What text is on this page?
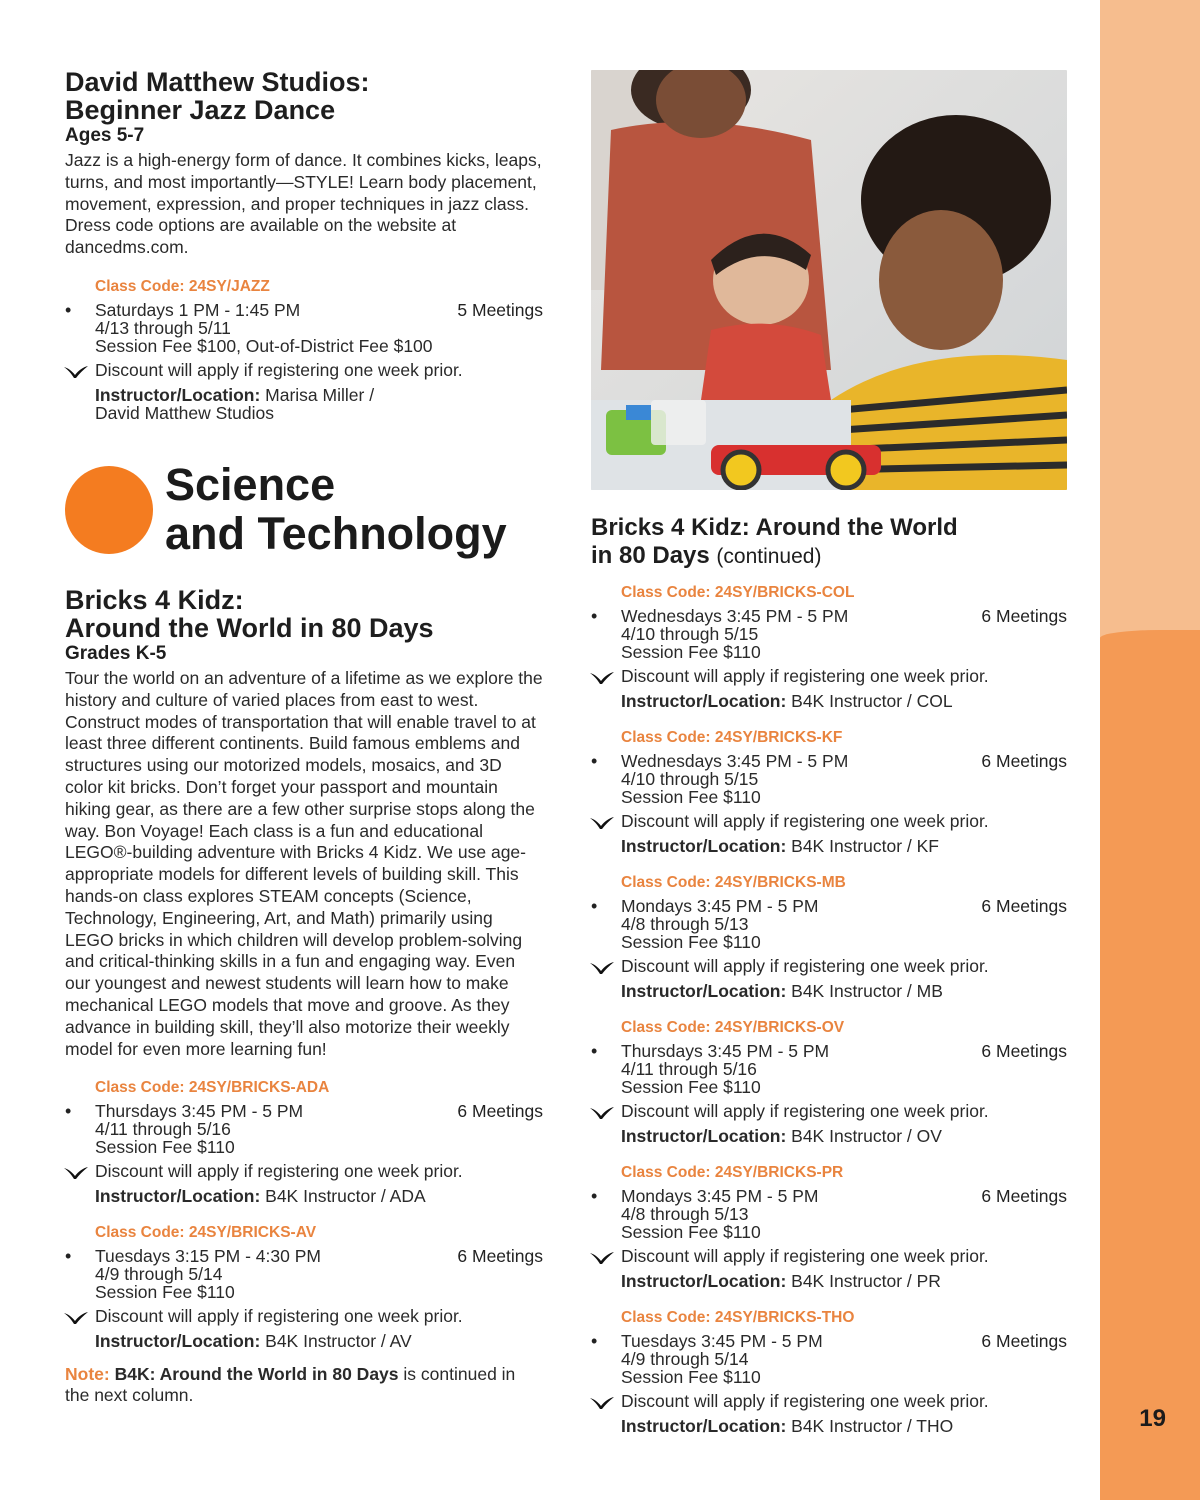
19
David Matthew Studios:
Beginner Jazz Dance
Ages 5-7
Jazz is a high-energy form of dance. It combines kicks, leaps, turns, and most importantly—STYLE! Learn body placement, movement, expression, and proper techniques in jazz class. Dress code options are available on the website at dancedms.com.
Class Code: 24SY/JAZZ
• Saturdays 1 PM - 1:45 PM	5 Meetings
4/13 through 5/11
Session Fee $100, Out-of-District Fee $100
Discount will apply if registering one week prior.
Instructor/Location: Marisa Miller /
David Matthew Studios
Science
and Technology
Bricks 4 Kidz:
Around the World in 80 Days
Grades K-5
Tour the world on an adventure of a lifetime as we explore the history and culture of varied places from east to west. Construct modes of transportation that will enable travel to at least three different continents. Build famous emblems and structures using our motorized models, mosaics, and 3D color kit bricks. Don’t forget your passport and mountain hiking gear, as there are a few other surprise stops along the way. Bon Voyage! Each class is a fun and educational LEGO®-building adventure with Bricks 4 Kidz. We use age-appropriate models for different levels of building skill. This hands-on class explores STEAM concepts (Science, Technology, Engineering, Art, and Math) primarily using LEGO bricks in which children will develop problem-solving and critical-thinking skills in a fun and engaging way. Even our youngest and newest students will learn how to make mechanical LEGO models that move and groove. As they advance in building skill, they’ll also motorize their weekly model for even more learning fun!
Class Code: 24SY/BRICKS-ADA
• Thursdays 3:45 PM - 5 PM	6 Meetings
4/11 through 5/16
Session Fee $110
Discount will apply if registering one week prior.
Instructor/Location: B4K Instructor / ADA
Class Code: 24SY/BRICKS-AV
• Tuesdays 3:15 PM - 4:30 PM	6 Meetings
4/9 through 5/14
Session Fee $110
Discount will apply if registering one week prior.
Instructor/Location: B4K Instructor / AV
Note: B4K: Around the World in 80 Days is continued in the next column.
Bricks 4 Kidz: Around the World
in 80 Days (continued)
Class Code: 24SY/BRICKS-COL
• Wednesdays 3:45 PM - 5 PM	6 Meetings
4/10 through 5/15
Session Fee $110
Discount will apply if registering one week prior.
Instructor/Location: B4K Instructor / COL
Class Code: 24SY/BRICKS-KF
• Wednesdays 3:45 PM - 5 PM	6 Meetings
4/10 through 5/15
Session Fee $110
Discount will apply if registering one week prior.
Instructor/Location: B4K Instructor / KF
Class Code: 24SY/BRICKS-MB
• Mondays 3:45 PM - 5 PM	6 Meetings
4/8 through 5/13
Session Fee $110
Discount will apply if registering one week prior.
Instructor/Location: B4K Instructor / MB
Class Code: 24SY/BRICKS-OV
• Thursdays 3:45 PM - 5 PM	6 Meetings
4/11 through 5/16
Session Fee $110
Discount will apply if registering one week prior.
Instructor/Location: B4K Instructor / OV
Class Code: 24SY/BRICKS-PR
• Mondays 3:45 PM - 5 PM	6 Meetings
4/8 through 5/13
Session Fee $110
Discount will apply if registering one week prior.
Instructor/Location: B4K Instructor / PR
Class Code: 24SY/BRICKS-THO
• Tuesdays 3:45 PM - 5 PM	6 Meetings
4/9 through 5/14
Session Fee $110
Discount will apply if registering one week prior.
Instructor/Location: B4K Instructor / THO
